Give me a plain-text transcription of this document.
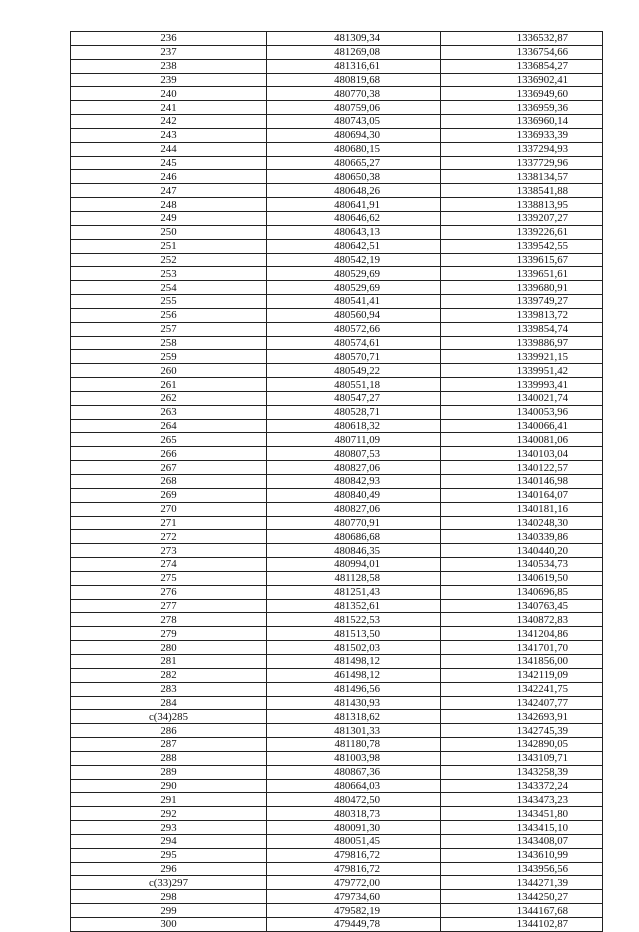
236	481309,34	1336532,87
237	481269,08	1336754,66
238	481316,61	1336854,27
239	480819,68	1336902,41
240	480770,38	1336949,60
241	480759,06	1336959,36
242	480743,05	1336960,14
243	480694,30	1336933,39
244	480680,15	1337294,93
245	480665,27	1337729,96
246	480650,38	1338134,57
247	480648,26	1338541,88
248	480641,91	1338813,95
249	480646,62	1339207,27
250	480643,13	1339226,61
251	480642,51	1339542,55
252	480542,19	1339615,67
253	480529,69	1339651,61
254	480529,69	1339680,91
255	480541,41	1339749,27
256	480560,94	1339813,72
257	480572,66	1339854,74
258	480574,61	1339886,97
259	480570,71	1339921,15
260	480549,22	1339951,42
261	480551,18	1339993,41
262	480547,27	1340021,74
263	480528,71	1340053,96
264	480618,32	1340066,41
265	480711,09	1340081,06
266	480807,53	1340103,04
267	480827,06	1340122,57
268	480842,93	1340146,98
269	480840,49	1340164,07
270	480827,06	1340181,16
271	480770,91	1340248,30
272	480686,68	1340339,86
273	480846,35	1340440,20
274	480994,01	1340534,73
275	481128,58	1340619,50
276	481251,43	1340696,85
277	481352,61	1340763,45
278	481522,53	1340872,83
279	481513,50	1341204,86
280	481502,03	1341701,70
281	481498,12	1341856,00
282	461498,12	1342119,09
283	481496,56	1342241,75
284	481430,93	1342407,77
c(34)285	481318,62	1342693,91
286	481301,33	1342745,39
287	481180,78	1342890,05
288	481003,98	1343109,71
289	480867,36	1343258,39
290	480664,03	1343372,24
291	480472,50	1343473,23
292	480318,73	1343451,80
293	480091,30	1343415,10
294	480051,45	1343408,07
295	479816,72	1343610,99
296	479816,72	1343956,56
c(33)297	479772,00	1344271,39
298	479734,60	1344250,27
299	479582,19	1344167,68
300	479449,78	1344102,87
